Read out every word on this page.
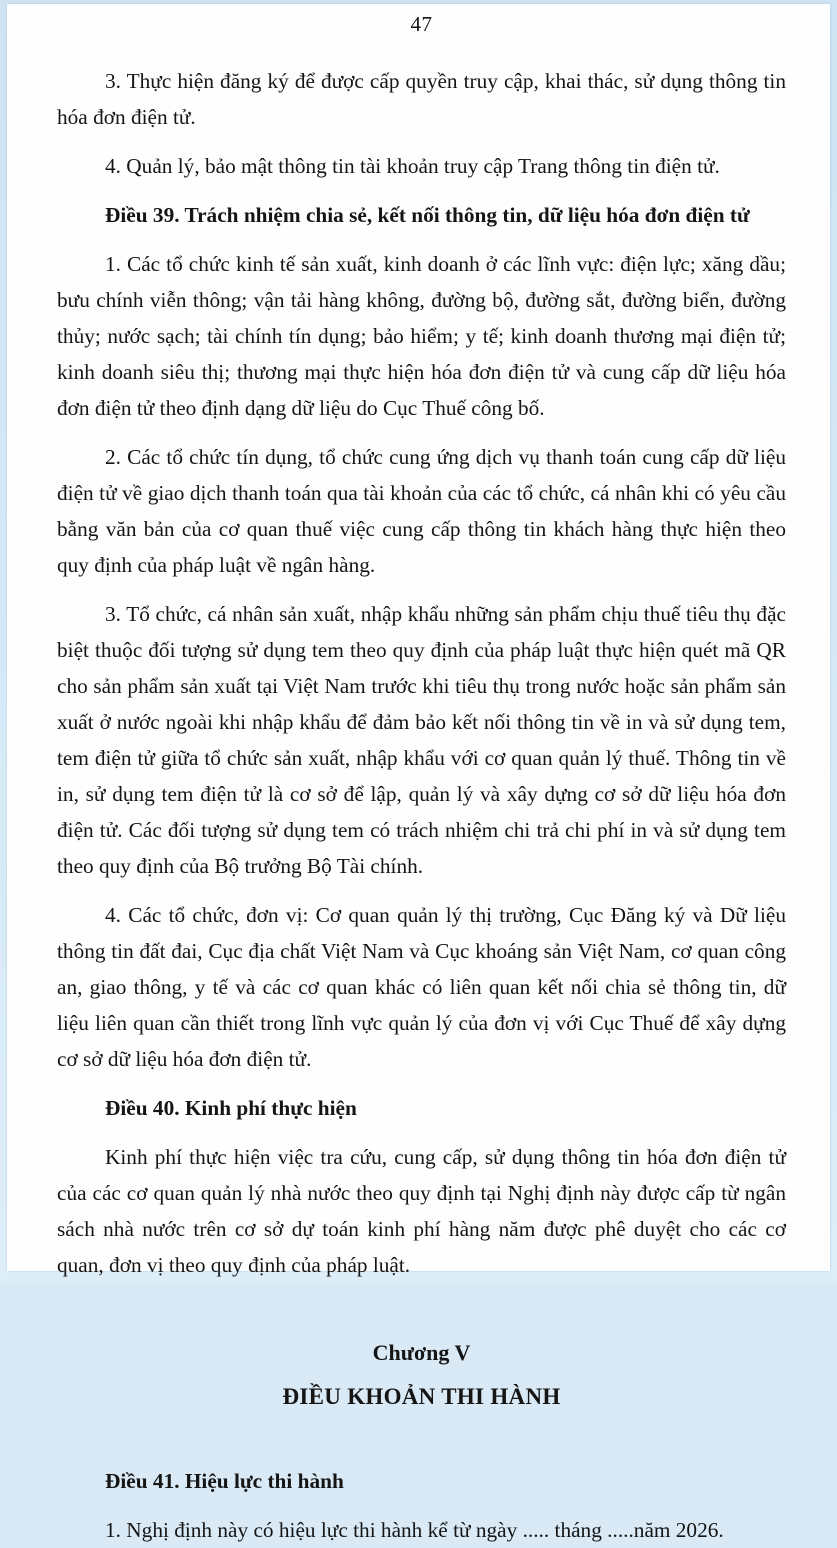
47

3. Thực hiện đăng ký để được cấp quyền truy cập, khai thác, sử dụng thông tin hóa đơn điện tử.

4. Quản lý, bảo mật thông tin tài khoản truy cập Trang thông tin điện tử.

Điều 39. Trách nhiệm chia sẻ, kết nối thông tin, dữ liệu hóa đơn điện tử

1. Các tổ chức kinh tế sản xuất, kinh doanh ở các lĩnh vực: điện lực; xăng dầu; bưu chính viễn thông; vận tải hàng không, đường bộ, đường sắt, đường biển, đường thủy; nước sạch; tài chính tín dụng; bảo hiểm; y tế; kinh doanh thương mại điện tử; kinh doanh siêu thị; thương mại thực hiện hóa đơn điện tử và cung cấp dữ liệu hóa đơn điện tử theo định dạng dữ liệu do Cục Thuế công bố.

2. Các tổ chức tín dụng, tổ chức cung ứng dịch vụ thanh toán cung cấp dữ liệu điện tử về giao dịch thanh toán qua tài khoản của các tổ chức, cá nhân khi có yêu cầu bằng văn bản của cơ quan thuế việc cung cấp thông tin khách hàng thực hiện theo quy định của pháp luật về ngân hàng.

3. Tổ chức, cá nhân sản xuất, nhập khẩu những sản phẩm chịu thuế tiêu thụ đặc biệt thuộc đối tượng sử dụng tem theo quy định của pháp luật thực hiện quét mã QR cho sản phẩm sản xuất tại Việt Nam trước khi tiêu thụ trong nước hoặc sản phẩm sản xuất ở nước ngoài khi nhập khẩu để đảm bảo kết nối thông tin về in và sử dụng tem, tem điện tử giữa tổ chức sản xuất, nhập khẩu với cơ quan quản lý thuế. Thông tin về in, sử dụng tem điện tử là cơ sở để lập, quản lý và xây dựng cơ sở dữ liệu hóa đơn điện tử. Các đối tượng sử dụng tem có trách nhiệm chi trả chi phí in và sử dụng tem theo quy định của Bộ trưởng Bộ Tài chính.

4. Các tổ chức, đơn vị: Cơ quan quản lý thị trường, Cục Đăng ký và Dữ liệu thông tin đất đai, Cục địa chất Việt Nam và Cục khoáng sản Việt Nam, cơ quan công an, giao thông, y tế và các cơ quan khác có liên quan kết nối chia sẻ thông tin, dữ liệu liên quan cần thiết trong lĩnh vực quản lý của đơn vị với Cục Thuế để xây dựng cơ sở dữ liệu hóa đơn điện tử.

Điều 40. Kinh phí thực hiện

Kinh phí thực hiện việc tra cứu, cung cấp, sử dụng thông tin hóa đơn điện tử của các cơ quan quản lý nhà nước theo quy định tại Nghị định này được cấp từ ngân sách nhà nước trên cơ sở dự toán kinh phí hàng năm được phê duyệt cho các cơ quan, đơn vị theo quy định của pháp luật.

Chương V

ĐIỀU KHOẢN THI HÀNH

Điều 41. Hiệu lực thi hành

1. Nghị định này có hiệu lực thi hành kể từ ngày ..... tháng .....năm 2026.
